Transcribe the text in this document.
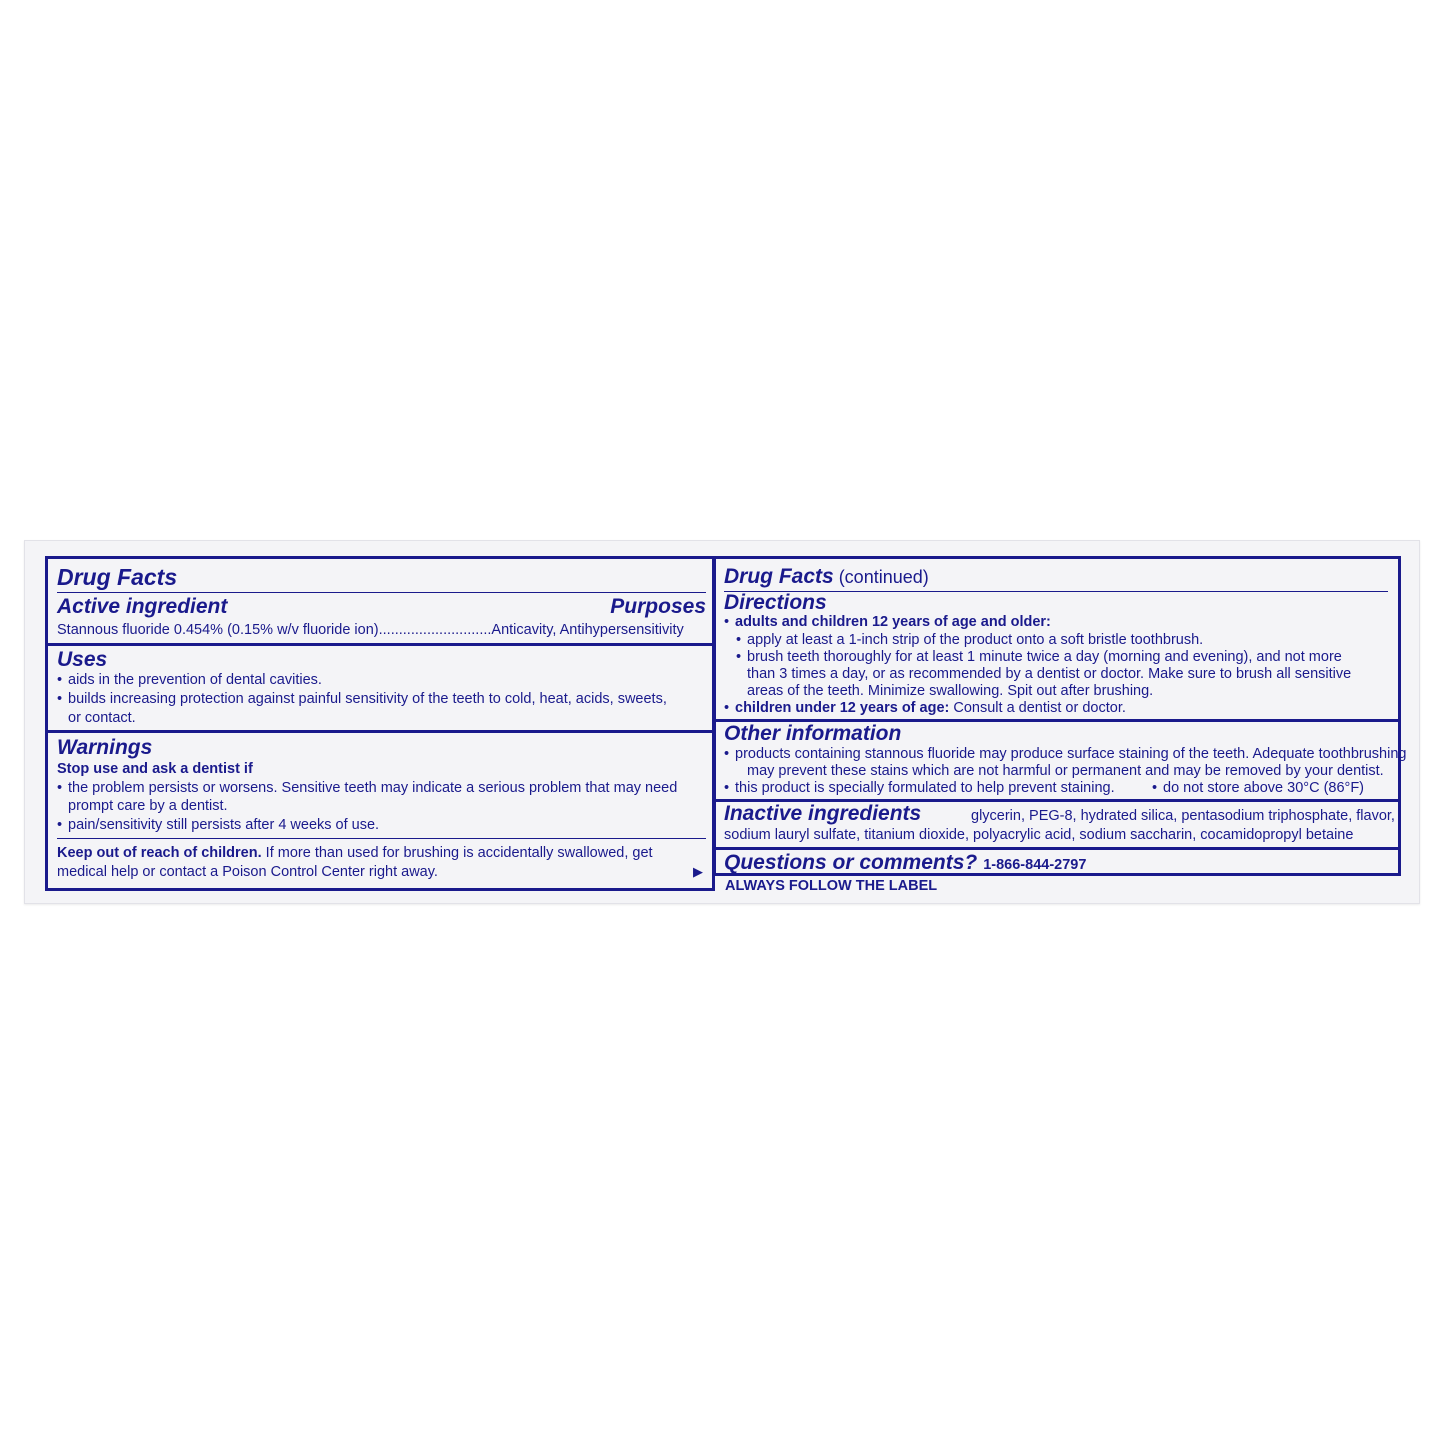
Drug Facts
Active ingredient	Purposes
Stannous fluoride 0.454% (0.15% w/v fluoride ion)............................Anticavity, Antihypersensitivity
Uses
• aids in the prevention of dental cavities.
• builds increasing protection against painful sensitivity of the teeth to cold, heat, acids, sweets,
or contact.
Warnings
Stop use and ask a dentist if
• the problem persists or worsens. Sensitive teeth may indicate a serious problem that may need
prompt care by a dentist.
• pain/sensitivity still persists after 4 weeks of use.
Keep out of reach of children. If more than used for brushing is accidentally swallowed, get
medical help or contact a Poison Control Center right away.	▶
Drug Facts (continued)
Directions
• adults and children 12 years of age and older:
• apply at least a 1-inch strip of the product onto a soft bristle toothbrush.
• brush teeth thoroughly for at least 1 minute twice a day (morning and evening), and not more
than 3 times a day, or as recommended by a dentist or doctor. Make sure to brush all sensitive
areas of the teeth. Minimize swallowing. Spit out after brushing.
• children under 12 years of age: Consult a dentist or doctor.
Other information
• products containing stannous fluoride may produce surface staining of the teeth. Adequate toothbrushing
may prevent these stains which are not harmful or permanent and may be removed by your dentist.
• this product is specially formulated to help prevent staining.	• do not store above 30°C (86°F)
Inactive ingredients	glycerin, PEG-8, hydrated silica, pentasodium triphosphate, flavor,
sodium lauryl sulfate, titanium dioxide, polyacrylic acid, sodium saccharin, cocamidopropyl betaine
Questions or comments? 1-866-844-2797
ALWAYS FOLLOW THE LABEL
